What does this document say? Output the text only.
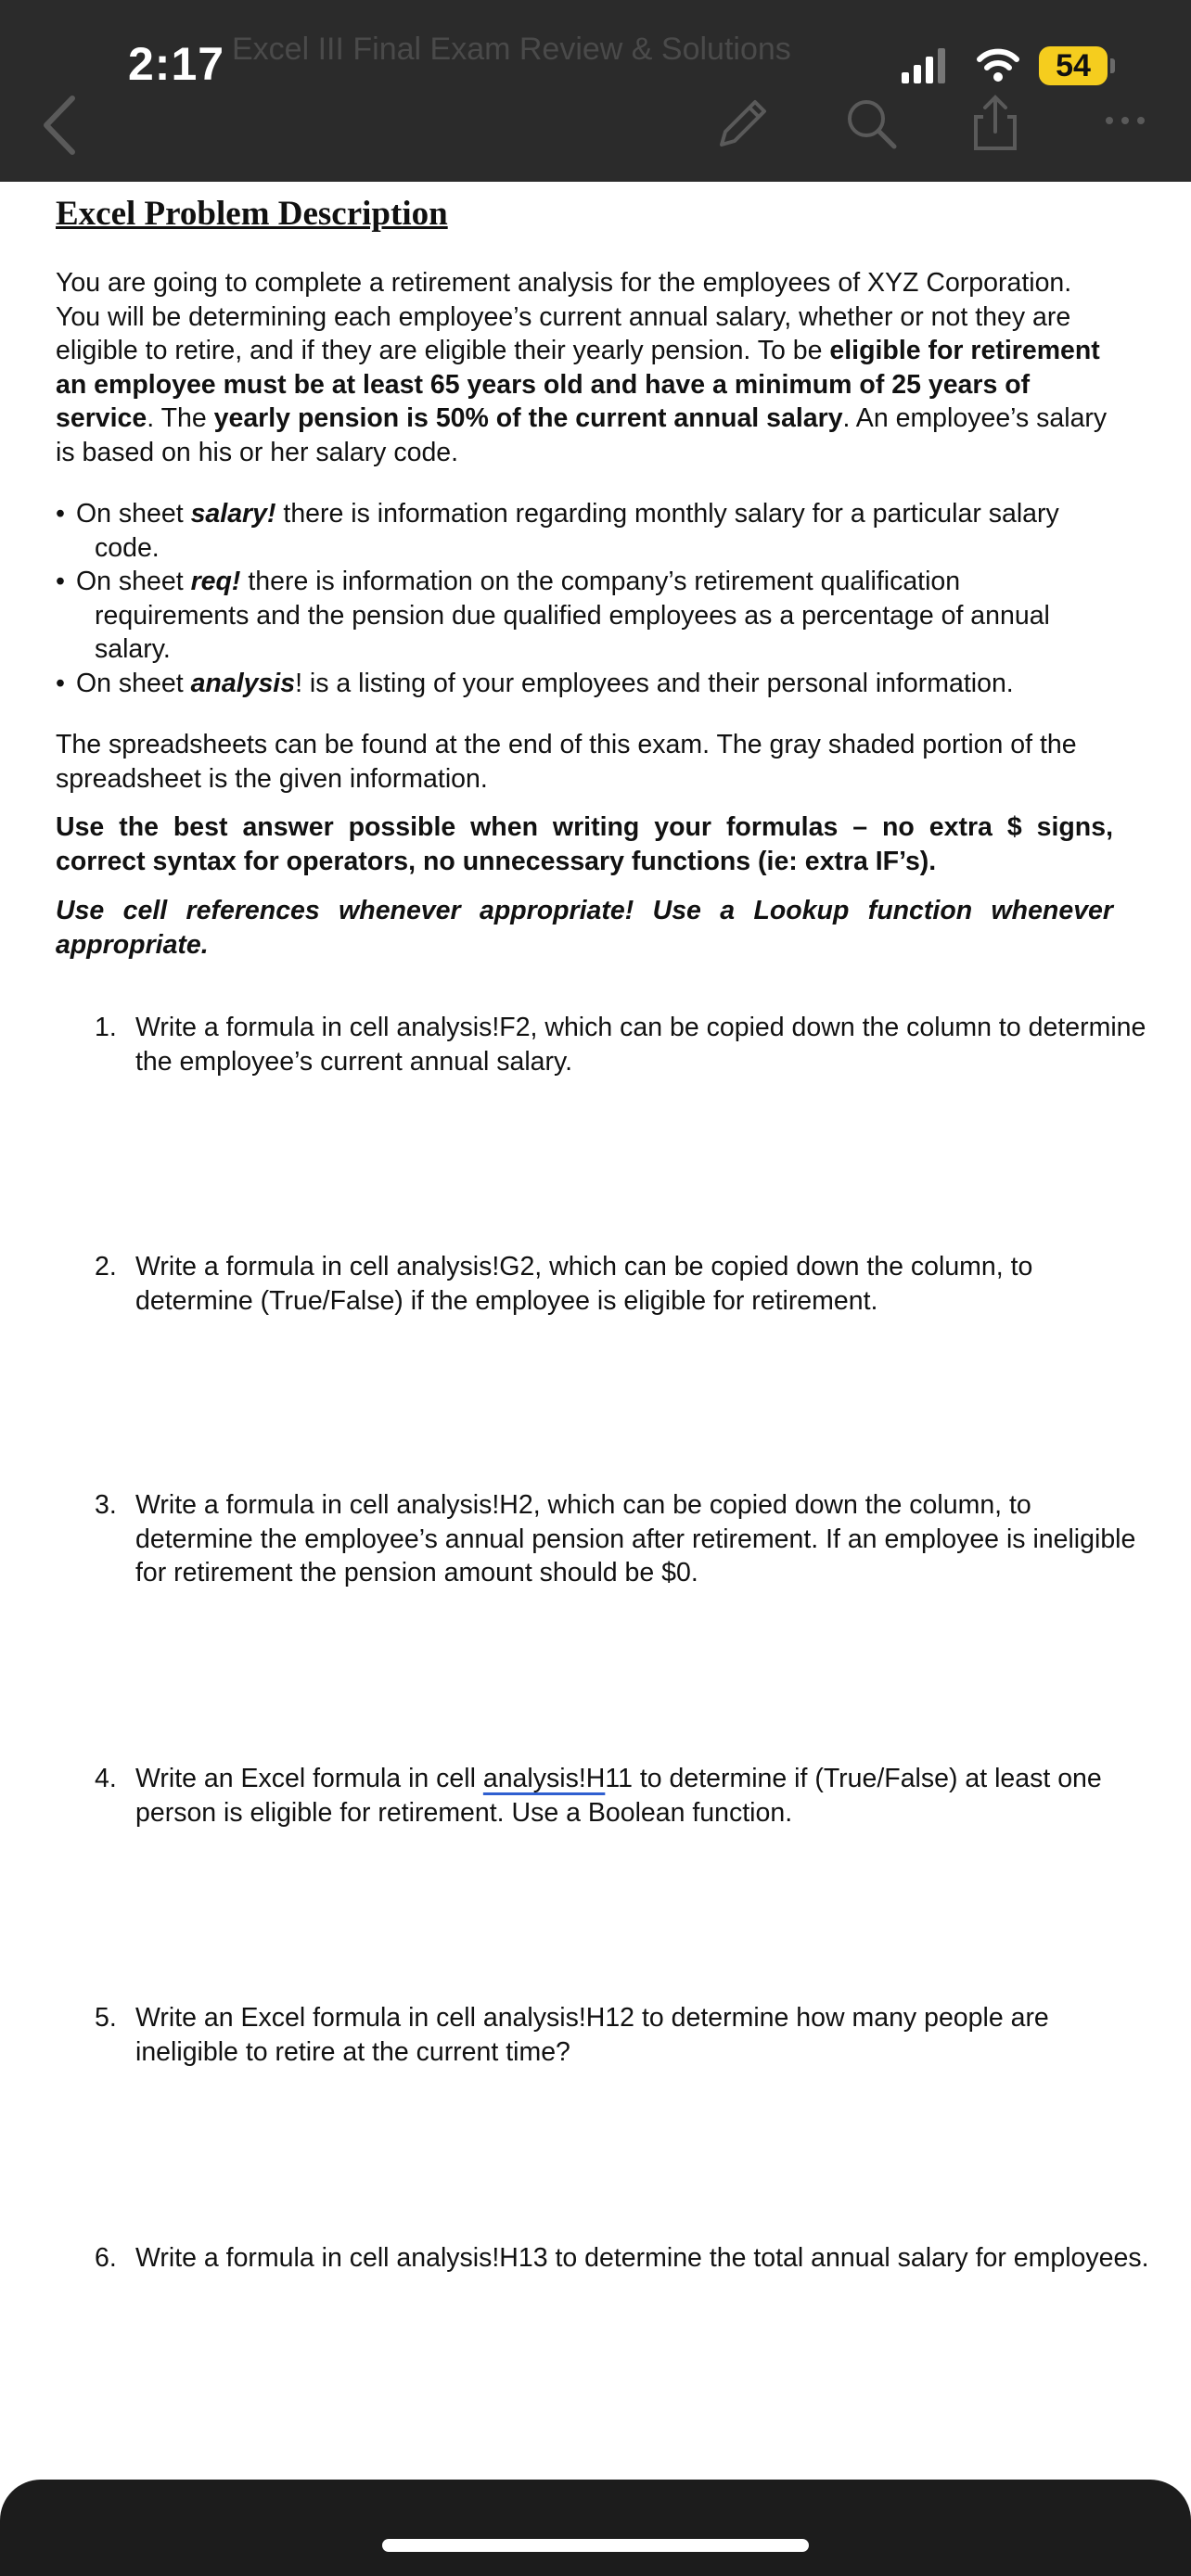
Excel III Final Exam Review & Solutions
2:17	54
Excel Problem Description

You are going to complete a retirement analysis for the employees of XYZ Corporation. You will be determining each employee’s current annual salary, whether or not they are eligible to retire, and if they are eligible their yearly pension. To be eligible for retirement an employee must be at least 65 years old and have a minimum of 25 years of service. The yearly pension is 50% of the current annual salary. An employee’s salary is based on his or her salary code.

• On sheet salary! there is information regarding monthly salary for a particular salary code.
• On sheet req! there is information on the company’s retirement qualification requirements and the pension due qualified employees as a percentage of annual salary.
• On sheet analysis! is a listing of your employees and their personal information.

The spreadsheets can be found at the end of this exam. The gray shaded portion of the spreadsheet is the given information.

Use the best answer possible when writing your formulas – no extra $ signs, correct syntax for operators, no unnecessary functions (ie: extra IF’s).

Use cell references whenever appropriate! Use a Lookup function whenever appropriate.

1. Write a formula in cell analysis!F2, which can be copied down the column to determine the employee’s current annual salary.
2. Write a formula in cell analysis!G2, which can be copied down the column, to determine (True/False) if the employee is eligible for retirement.
3. Write a formula in cell analysis!H2, which can be copied down the column, to determine the employee’s annual pension after retirement. If an employee is ineligible for retirement the pension amount should be $0.
4. Write an Excel formula in cell analysis!H11 to determine if (True/False) at least one person is eligible for retirement. Use a Boolean function.
5. Write an Excel formula in cell analysis!H12 to determine how many people are ineligible to retire at the current time?
6. Write a formula in cell analysis!H13 to determine the total annual salary for employees.
